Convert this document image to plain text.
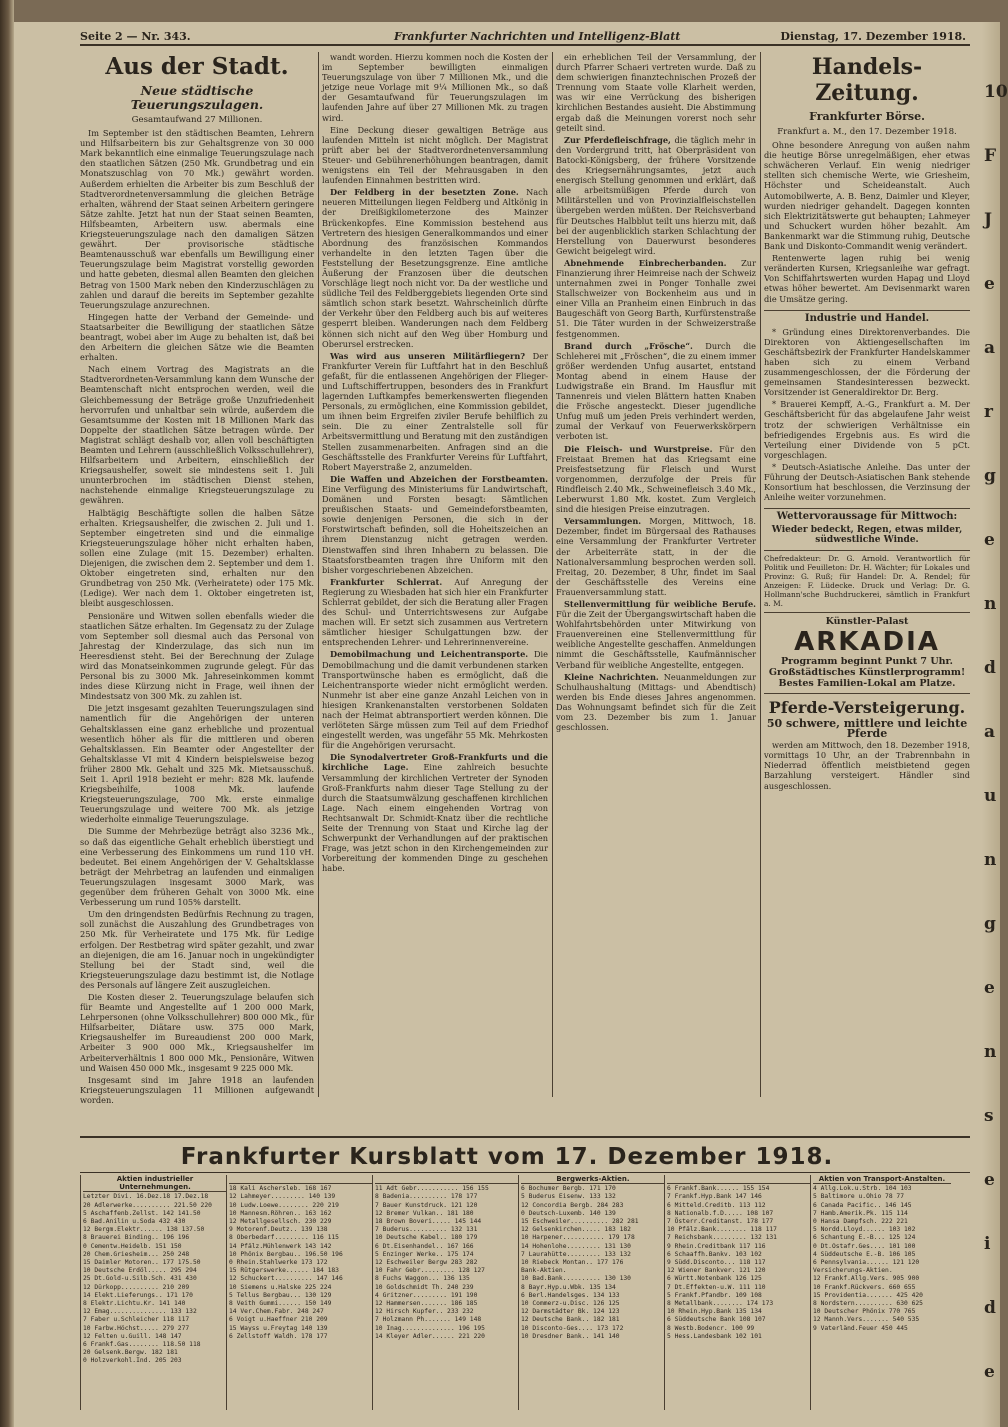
Seite 2 — Nr. 343.	Frankfurter Nachrichten und Intelligenz-Blatt	Dienstag, 17. Dezember 1918.
Aus der Stadt.
Neue städtische Teuerungszulagen.
Gesamtaufwand 27 Millionen.

Im September ist den städtischen Beamten, Lehrern und Hilfsarbeitern bis zur Gehaltsgrenze von 30 000 Mark bekanntlich eine einmalige Teuerungszulage nach den staatlichen Sätzen (250 Mk. Grundbetrag und ein Monatszuschlag von 70 Mk.) gewährt worden. Außerdem erhielten die Arbeiter bis zum Beschluß der Stadtverordnetenversammlung die gleichen Beträge erhalten, während der Staat seinen Arbeitern geringere Sätze zahlte. Jetzt hat nun der Staat seinen Beamten, Hilfsbeamten, Arbeitern usw. abermals eine Kriegsteuerungszulage nach den damaligen Sätzen gewährt. Der provisorische städtische Beamtenausschuß war ebenfalls um Bewilligung einer Teuerungszulage beim Magistrat vorstellig geworden und hatte gebeten, diesmal allen Beamten den gleichen Betrag von 1500 Mark neben den Kinderzuschlägen zu zahlen und darauf die bereits im September gezahlte Teuerungszulage anzurechnen.

Hingegen hatte der Verband der Gemeinde- und Staatsarbeiter die Bewilligung der staatlichen Sätze beantragt, wobei aber im Auge zu behalten ist, daß bei den Arbeitern die gleichen Sätze wie die Beamten erhalten.

Nach einem Vortrag des Magistrats an die Stadtverordneten-Versammlung kann dem Wunsche der Beamtenschaft nicht entsprochen werden, weil die Gleichbemessung der Beträge große Unzufriedenheit hervorrufen und unhaltbar sein würde, außerdem die Gesamtsumme der Kosten mit 18 Millionen Mark das Doppelte der staatlichen Sätze betragen würde. Der Magistrat schlägt deshalb vor, allen voll beschäftigten Beamten und Lehrern (ausschließlich Volksschullehrer), Hilfsarbeitern und Arbeitern, einschließlich der Kriegsaushelfer, soweit sie mindestens seit 1. Juli ununterbrochen im städtischen Dienst stehen, nachstehende einmalige Kriegsteuerungszulage zu gewähren.

Halbtägig Beschäftigte sollen die halben Sätze erhalten. Kriegsaushelfer, die zwischen 2. Juli und 1. September eingetreten sind und die einmalige Kriegsteuerungszulage höher nicht erhalten haben, sollen eine Zulage (mit 15. Dezember) erhalten. Diejenigen, die zwischen dem 2. September und dem 1. Oktober eingetreten sind, erhalten nur den Grundbetrag von 250 Mk. (Verheiratete) oder 175 Mk. (Ledige). Wer nach dem 1. Oktober eingetreten ist, bleibt ausgeschlossen.

Pensionäre und Witwen sollen ebenfalls wieder die staatlichen Sätze erhalten. Im Gegensatz zu der Zulage vom September soll diesmal auch das Personal von Jahrestag der Kinderzulage, das sich nun im Heeresdienst steht. Bei der Berechnung der Zulage wird das Monatseinkommen zugrunde gelegt. Für das Personal bis zu 3000 Mk. Jahreseinkommen kommt indes diese Kürzung nicht in Frage, weil ihnen der Mindestsatz von 300 Mk. zu zahlen ist.

Die jetzt insgesamt gezahlten Teuerungszulagen sind namentlich für die Angehörigen der unteren Gehaltsklassen eine ganz erhebliche und prozentual wesentlich höher als für die mittleren und oberen Gehaltsklassen. Ein Beamter oder Angestellter der Gehaltsklasse VI mit 4 Kindern beispielsweise bezog früher 2800 Mk. Gehalt und 325 Mk. Mietsausschuß. Seit 1. April 1918 bezieht er mehr: 828 Mk. laufende Kriegsbeihilfe, 1008 Mk. laufende Kriegsteuerungszulage, 700 Mk. erste einmalige Teuerungszulage und weitere 700 Mk. als jetzige wiederholte einmalige Teuerungszulage.

Die Summe der Mehrbezüge beträgt also 3236 Mk., so daß das eigentliche Gehalt erheblich überstiegt und eine Verbesserung des Einkommens um rund 110 vH. bedeutet. Bei einem Angehörigen der V. Gehaltsklasse beträgt der Mehrbetrag an laufenden und einmaligen Teuerungszulagen insgesamt 3000 Mark, was gegenüber dem früheren Gehalt von 3000 Mk. eine Verbesserung um rund 105% darstellt.

Um den dringendsten Bedürfnis Rechnung zu tragen, soll zunächst die Auszahlung des Grundbetrages von 250 Mk. für Verheiratete und 175 Mk. für Ledige erfolgen. Der Restbetrag wird später gezahlt, und zwar an diejenigen, die am 16. Januar noch in ungekündigter Stellung bei der Stadt sind, weil die Kriegsteuerungszulage dazu bestimmt ist, die Notlage des Personals auf längere Zeit auszugleichen.

Die Kosten dieser 2. Teuerungszulage belaufen sich für Beamte und Angestellte auf 1 200 000 Mark, Lehrpersonen (ohne Volksschullehrer) 800 000 Mk., für Hilfsarbeiter, Diätare usw. 375 000 Mark, Kriegsaushelfer im Bureaudienst 200 000 Mark, Arbeiter 3 900 000 Mk., Kriegsaushelfer im Arbeiterverhältnis 1 800 000 Mk., Pensionäre, Witwen und Waisen 450 000 Mk., insgesamt 9 225 000 Mk.

Insgesamt sind im Jahre 1918 an laufenden Kriegsteuerungszulagen 11 Millionen aufgewandt worden.

wandt worden. Hierzu kommen noch die Kosten der im September bewilligten einmaligen Teuerungszulage von über 7 Millionen Mk., und die jetzige neue Vorlage mit 9¼ Millionen Mk., so daß der Gesamtaufwand für Teuerungszulagen im laufenden Jahre auf über 27 Millionen Mk. zu tragen wird.

Eine Deckung dieser gewaltigen Beträge aus laufenden Mitteln ist nicht möglich. Der Magistrat prüft aber bei der Stadtverordnetenversammlung Steuer- und Gebührenerhöhungen beantragen, damit wenigstens ein Teil der Mehrausgaben in den laufenden Einnahmen bestritten wird.

Der Feldberg in der besetzten Zone. Nach neueren Mitteilungen liegen Feldberg und Altkönig in der Dreißigkilometerzone des Mainzer Brückenkopfes. Eine Kommission bestehend aus Vertretern des hiesigen Generalkommandos und einer Abordnung des französischen Kommandos verhandelte in den letzten Tagen über die Feststellung der Besetzungsgrenze. Eine amtliche Äußerung der Franzosen über die deutschen Vorschläge liegt noch nicht vor. Da der westliche und südliche Teil des Feldberggebiets liegenden Orte sind sämtlich schon stark besetzt. Wahrscheinlich dürfte der Verkehr über den Feldberg auch bis auf weiteres gesperrt bleiben. Wanderungen nach dem Feldberg können sich nicht auf den Weg über Homburg und Oberursel erstrecken.

Was wird aus unseren Militärfliegern? Der Frankfurter Verein für Luftfahrt hat in den Beschluß gefaßt, für die entlassenen Angehörigen der Flieger- und Luftschiffertruppen, besonders des in Frankfurt lagernden Luftkampfes bemerkenswerten fliegenden Personals, zu ermöglichen, eine Kommission gebildet, um ihnen beim Ergreifen ziviler Berufe behilflich zu sein. Die zu einer Zentralstelle soll für Arbeitsvermittlung und Beratung mit den zuständigen Stellen zusammenarbeiten. Anfragen sind an die Geschäftsstelle des Frankfurter Vereins für Luftfahrt, Robert Mayerstraße 2, anzumelden.

Die Waffen und Abzeichen der Forstbeamten. Eine Verfügung des Ministeriums für Landwirtschaft, Domänen und Forsten besagt: Sämtlichen preußischen Staats- und Gemeindeforstbeamten, sowie denjenigen Personen, die sich in der Forstwirtschaft befinden, soll die Hoheitszeichen an ihrem Dienstanzug nicht getragen werden. Dienstwaffen sind ihren Inhabern zu belassen. Die Staatsforstbeamten tragen ihre Uniform mit den bisher vorgeschriebenen Abzeichen.

Frankfurter Schlerrat. Auf Anregung der Regierung zu Wiesbaden hat sich hier ein Frankfurter Schlerrat gebildet, der sich die Beratung aller Fragen des Schul- und Unterrichtswesens zur Aufgabe machen will. Er setzt sich zusammen aus Vertretern sämtlicher hiesiger Schulgattungen bzw. der entsprechenden Lehrer- und Lehrerinnenvereine.

Demobilmachung und Leichentransporte. Die Demobilmachung und die damit verbundenen starken Transportwünsche haben es ermöglicht, daß die Leichentransporte wieder nicht ermöglicht werden. Nunmehr ist aber eine ganze Anzahl Leichen von in hiesigen Krankenanstalten verstorbenen Soldaten nach der Heimat abtransportiert werden können. Die verlöteten Särge müssen zum Teil auf dem Friedhof eingestellt werden, was ungefähr 55 Mk. Mehrkosten für die Angehörigen verursacht.

Die Synodalvertreter Groß-Frankfurts und die kirchliche Lage. Eine zahlreich besuchte Versammlung der kirchlichen Vertreter der Synoden Groß-Frankfurts nahm dieser Tage Stellung zu der durch die Staatsumwälzung geschaffenen kirchlichen Lage. Nach einem eingehenden Vortrag von Rechtsanwalt Dr. Schmidt-Knatz über die rechtliche Seite der Trennung von Staat und Kirche lag der Schwerpunkt der Verhandlungen auf der praktischen Frage, was jetzt schon in den Kirchengemeinden zur Vorbereitung der kommenden Dinge zu geschehen habe.

ein erheblichen Teil der Versammlung, der durch Pfarrer Schaeri vertreten wurde. Daß zu dem schwierigen finanztechnischen Prozeß der Trennung vom Staate volle Klarheit werden, was wir eine Verrückung des bisherigen kirchlichen Bestandes ausieht. Die Abstimmung ergab daß die Meinungen vorerst noch sehr geteilt sind.

Zur Pferdefleischfrage, die täglich mehr in den Vordergrund tritt, hat Oberpräsident von Batocki-Königsberg, der frühere Vorsitzende des Kriegsernährungsamtes, jetzt auch energisch Stellung genommen und erklärt, daß alle arbeitsmüßigen Pferde durch von Militärstellen und von Provinzialfleischstellen übergeben werden müßten. Der Reichsverband für Deutsches Halbblut teilt uns hierzu mit, daß bei der augenblicklich starken Schlachtung der Herstellung von Dauerwurst besonderes Gewicht beigelegt wird.

Abnehmende Einbrecherbanden. Zur Finanzierung ihrer Heimreise nach der Schweiz unternahmen zwei in Ponger Tonhalle zwei Stallschweizer von Bockenheim aus und in einer Villa an Pranheim einen Einbruch in das Baugeschäft von Georg Barth, Kurfürstenstraße 51. Die Täter wurden in der Schweizerstraße festgenommen.

Brand durch „Frösche“. Durch die Schleherei mit „Fröschen“, die zu einem immer größer werdenden Unfug ausartet, entstand Montag abend in einem Hause der Ludwigstraße ein Brand. Im Hausflur mit Tannenreis und vielen Blättern hatten Knaben die Frösche angesteckt. Dieser jugendliche Unfug muß um jeden Preis verhindert werden, zumal der Verkauf von Feuerwerkskörpern verboten ist.

Die Fleisch- und Wurstpreise. Für den Freistaat Bremen hat das Kriegsamt eine Preisfestsetzung für Fleisch und Wurst vorgenommen, derzufolge der Preis für Rindfleisch 2.40 Mk., Schweinefleisch 3.40 Mk., Leberwurst 1.80 Mk. kostet. Zum Vergleich sind die hiesigen Preise einzutragen.

Versammlungen. Morgen, Mittwoch, 18. Dezember, findet im Bürgersaal des Rathauses eine Versammlung der Frankfurter Vertreter der Arbeiterräte statt, in der die Nationalversammlung besprochen werden soll. Freitag, 20. Dezember, 8 Uhr, findet im Saal der Geschäftsstelle des Vereins eine Frauenversammlung statt.

Stellenvermittlung für weibliche Berufe. Für die Zeit der Übergangswirtschaft haben die Wohlfahrtsbehörden unter Mitwirkung von Frauenvereinen eine Stellenvermittlung für weibliche Angestellte geschaffen. Anmeldungen nimmt die Geschäftsstelle, Kaufmännischer Verband für weibliche Angestellte, entgegen.

Kleine Nachrichten. Neuanmeldungen zur Schulhaushaltung (Mittags- und Abendtisch) werden bis Ende dieses Jahres angenommen. Das Wohnungsamt befindet sich für die Zeit vom 23. Dezember bis zum 1. Januar geschlossen.

Handels-Zeitung.
Frankfurter Börse.
Frankfurt a. M., den 17. Dezember 1918.

Ohne besondere Anregung von außen nahm die heutige Börse unregelmäßigen, eher etwas schwächeren Verlauf. Ein wenig niedriger stellten sich chemische Werte, wie Griesheim, Höchster und Scheideanstalt. Auch Automobilwerte, A. B. Benz, Daimler und Kleyer, wurden niedriger gehandelt. Dagegen konnten sich Elektrizitätswerte gut behaupten; Lahmeyer und Schuckert wurden höher bezahlt. Am Bankenmarkt war die Stimmung ruhig, Deutsche Bank und Diskonto-Commandit wenig verändert.

Rentenwerte lagen ruhig bei wenig veränderten Kursen, Kriegsanleihe war gefragt. Von Schiffahrtswerten wurden Hapag und Lloyd etwas höher bewertet. Am Devisenmarkt waren die Umsätze gering.

Industrie und Handel.

* Gründung eines Direktorenverbandes. Die Direktoren von Aktiengesellschaften im Geschäftsbezirk der Frankfurter Handelskammer haben sich zu einem Verband zusammengeschlossen, der die Förderung der gemeinsamen Standesinteressen bezweckt. Vorsitzender ist Generaldirektor Dr. Berg.

* Brauerei Kempff, A.-G., Frankfurt a. M. Der Geschäftsbericht für das abgelaufene Jahr weist trotz der schwierigen Verhältnisse ein befriedigendes Ergebnis aus. Es wird die Verteilung einer Dividende von 5 pCt. vorgeschlagen.

* Deutsch-Asiatische Anleihe. Das unter der Führung der Deutsch-Asiatischen Bank stehende Konsortium hat beschlossen, die Verzinsung der Anleihe weiter vorzunehmen.

Wettervoraussage für Mittwoch:
Wieder bedeckt, Regen, etwas milder, südwestliche Winde.
Chefredakteur: Dr. G. Arnold. Verantwortlich für Politik und Feuilleton: Dr. H. Wächter; für Lokales und Provinz: G. Ruß; für Handel: Dr. A. Rendel; für Anzeigen: F. Lüdecke. Druck und Verlag: Dr. G. Hollmann'sche Buchdruckerei, sämtlich in Frankfurt a. M.
Künstler-Palast
ARKADIA
Programm beginnt Punkt 7 Uhr.
Großstädtisches Künstlerprogramm!
Bestes Familien-Lokal am Platze.
Pferde-Versteigerung.
50 schwere, mittlere und leichte Pferde

werden am Mittwoch, den 18. Dezember 1918, vormittags 10 Uhr, an der Trabrennbahn in Niederrad öffentlich meistbietend gegen Barzahlung versteigert. Händler sind ausgeschlossen.

Frankfurter Kursblatt vom 17. Dezember 1918.
Aktien industrieller Unternehmungen.
Letzter Divi. 16.Dez.18 17.Dez.18
20 Adlerwerke.......... 221.50 220
5 Aschaffenb.Zellst. 142 141.50
6 Bad.Anilin u.Soda 432 430
12 Bergm.Elektr...... 138 137.50
8 Brauerei Binding.. 196 196
0 Cementw.Heidelb. 151 150
20 Chem.Griesheim... 250 248
15 Daimler Motoren.. 177 175.50
10 Deutsche Erdöl..... 295 294
25 Dt.Gold-u.Silb.Sch. 431 430
12 Dürkopp.......... 210 209
14 Elekt.Lieferungs.. 171 170
8 Elektr.Lichtu.Kr. 141 140
12 Emag............... 133 132
7 Faber u.Schleicher 118 117
10 Farbw.Höchst..... 279 277
12 Felten u.Guill. 148 147
6 Frankf.Gas........ 118.50 118
20 Gelsenk.Bergw. 182 181
0 Holzverkohl.Ind. 205 203

18 Kali Aschersleb. 168 167
12 Lahmeyer......... 140 139
10 Ludw.Loewe........ 220 219
10 Mannesm.Röhren.. 163 162
12 Metallgesellsch. 230 229
9 Motorenf.Deutz.. 139 138
8 Oberbedarf......... 116 115
14 Pfälz.Mühlenwerk 143 142
10 Phönix Bergbau.. 196.50 196
0 Rhein.Stahlwerke 173 172
15 Rütgerswerke...... 184 183
12 Schuckert.......... 147 146
10 Siemens u.Halske 225 224
5 Tellus Bergbau... 130 129
8 Veith Gummi...... 150 149
14 Ver.Chem.Fabr. 248 247
6 Voigt u.Haeffner 210 209
15 Wayss u.Freytag 140 139
6 Zellstoff Waldh. 178 177

11 Adt Gebr........... 156 155
8 Badenia.......... 178 177
7 Bauer Kunstdruck. 121 120
12 Bremer Vulkan.. 181 180
18 Brown Boveri..... 145 144
7 Buderus.......... 132 131
10 Deutsche Kabel.. 180 179
6 Dt.Eisenhandel.. 167 166
5 Enzinger Werke.. 175 174
12 Eschweiler Bergw 283 282
10 Fahr Gebr......... 128 127
8 Fuchs Waggon... 136 135
10 Goldschmidt Th. 240 239
4 Gritzner......... 191 190
12 Hammersen....... 186 185
12 Hirsch Kupfer.. 233 232
7 Holzmann Ph....... 149 148
10 Inag.............. 196 195
14 Kleyer Adler...... 221 220
Bergwerks-Aktien.
6 Bochumer Bergb. 171 170
5 Buderus Eisenw. 133 132
12 Concordia Bergb. 284 283
0 Deutsch-Luxemb. 140 139
15 Eschweiler.......... 282 281
12 Gelsenkirchen..... 183 182
10 Harpener........... 179 178
14 Hohenlohe......... 131 130
7 Laurahütte......... 133 132
10 Riebeck Montan.. 177 176
Bank-Aktien.
10 Bad.Bank.......... 130 130
8 Bayr.Hyp.u.Wbk. 135 134
6 Berl.Handelsges. 134 133
10 Commerz-u.Disc. 126 125
12 Darmstädter Bk. 124 123
12 Deutsche Bank.. 182 181
10 Disconto-Ges.... 173 172
10 Dresdner Bank.. 141 140

6 Frankf.Bank...... 155 154
7 Frankf.Hyp.Bank 147 146
6 Mitteld.Creditb. 113 112
8 Nationalb.f.D..... 108 107
7 Österr.Creditanst. 178 177
10 Pfälz.Bank........ 118 117
7 Reichsbank......... 132 131
9 Rhein.Creditbank 117 116
6 Schaaffh.Bankv. 103 102
9 Südd.Disconto... 118 117
12 Wiener Bankver. 121 120
6 Württ.Notenbank 126 125
7 Dt.Effekten-u.W. 111 110
5 Frankf.Pfandbr. 109 108
8 Metallbank........ 174 173
10 Rhein.Hyp.Bank 135 134
6 Süddeutsche Bank 108 107
8 Westb.Bodencr. 100 99
5 Hess.Landesbank 102 101
Aktien von Transport-Anstalten.
4 Allg.Lok.u.Strb. 104 103
5 Baltimore u.Ohio 78 77
6 Canada Pacific.. 146 145
7 Hamb.Amerik.Pk. 115 114
0 Hansa Dampfsch. 222 221
5 Nordd.Lloyd...... 103 102
6 Schantung E.-B... 125 124
0 Dt.Ostafr.Ges.... 101 100
4 Süddeutsche E.-B. 106 105
6 Pennsylvania...... 121 120
Versicherungs-Aktien.
12 Frankf.Allg.Vers. 905 900
10 Frankf.Rückvers. 660 655
15 Providentia....... 425 420
8 Nordstern.......... 630 625
10 Deutscher Phönix 770 765
12 Mannh.Vers....... 540 535
9 Vaterländ.Feuer 450 445
10
F
J
e
a
r
g
e
n
d
a
u
n
g
e
n
s
e
i
d
e
